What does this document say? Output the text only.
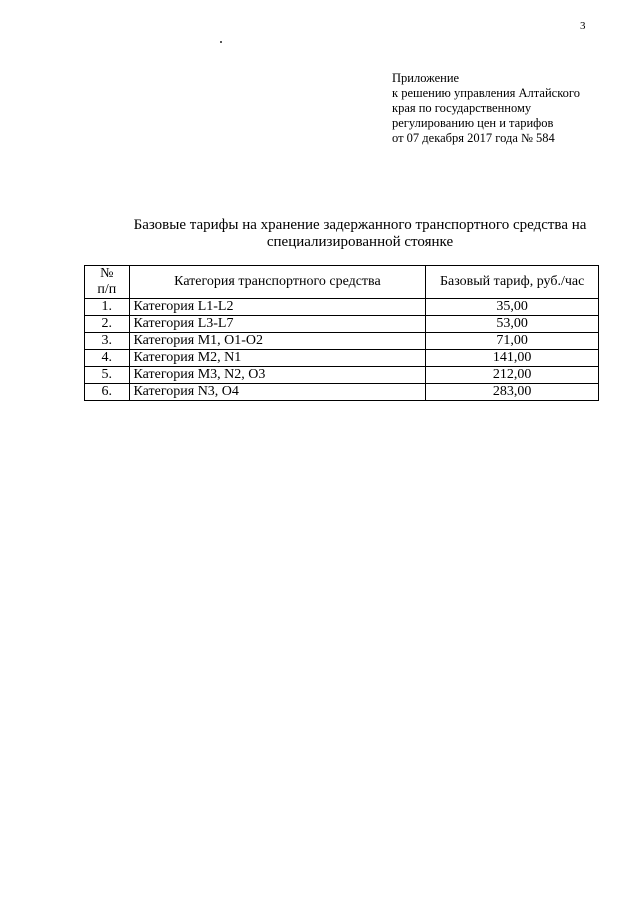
3
Приложение
к решению управления Алтайского
края по государственному
регулированию цен и тарифов
от 07 декабря 2017 года № 584
Базовые тарифы на хранение задержанного транспортного средства на
специализированной стоянке
№
п/п	Категория транспортного средства	Базовый тариф, руб./час
1.	Категория L1-L2	35,00
2.	Категория L3-L7	53,00
3.	Категория М1, О1-О2	71,00
4.	Категория М2, N1	141,00
5.	Категория М3, N2, О3	212,00
6.	Категория N3, О4	283,00
